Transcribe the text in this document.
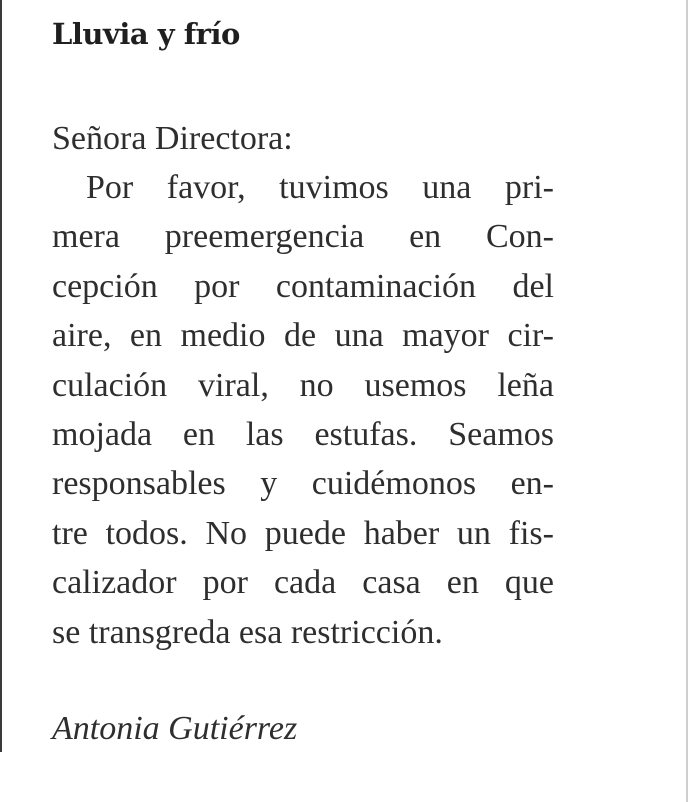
Lluvia y frío

Señora Directora:

Por favor, tuvimos una pri-
mera preemergencia en Con-
cepción por contaminación del
aire, en medio de una mayor cir-
culación viral, no usemos leña
mojada en las estufas. Seamos
responsables y cuidémonos en-
tre todos. No puede haber un fis-
calizador por cada casa en que
se transgreda esa restricción.

Antonia Gutiérrez
